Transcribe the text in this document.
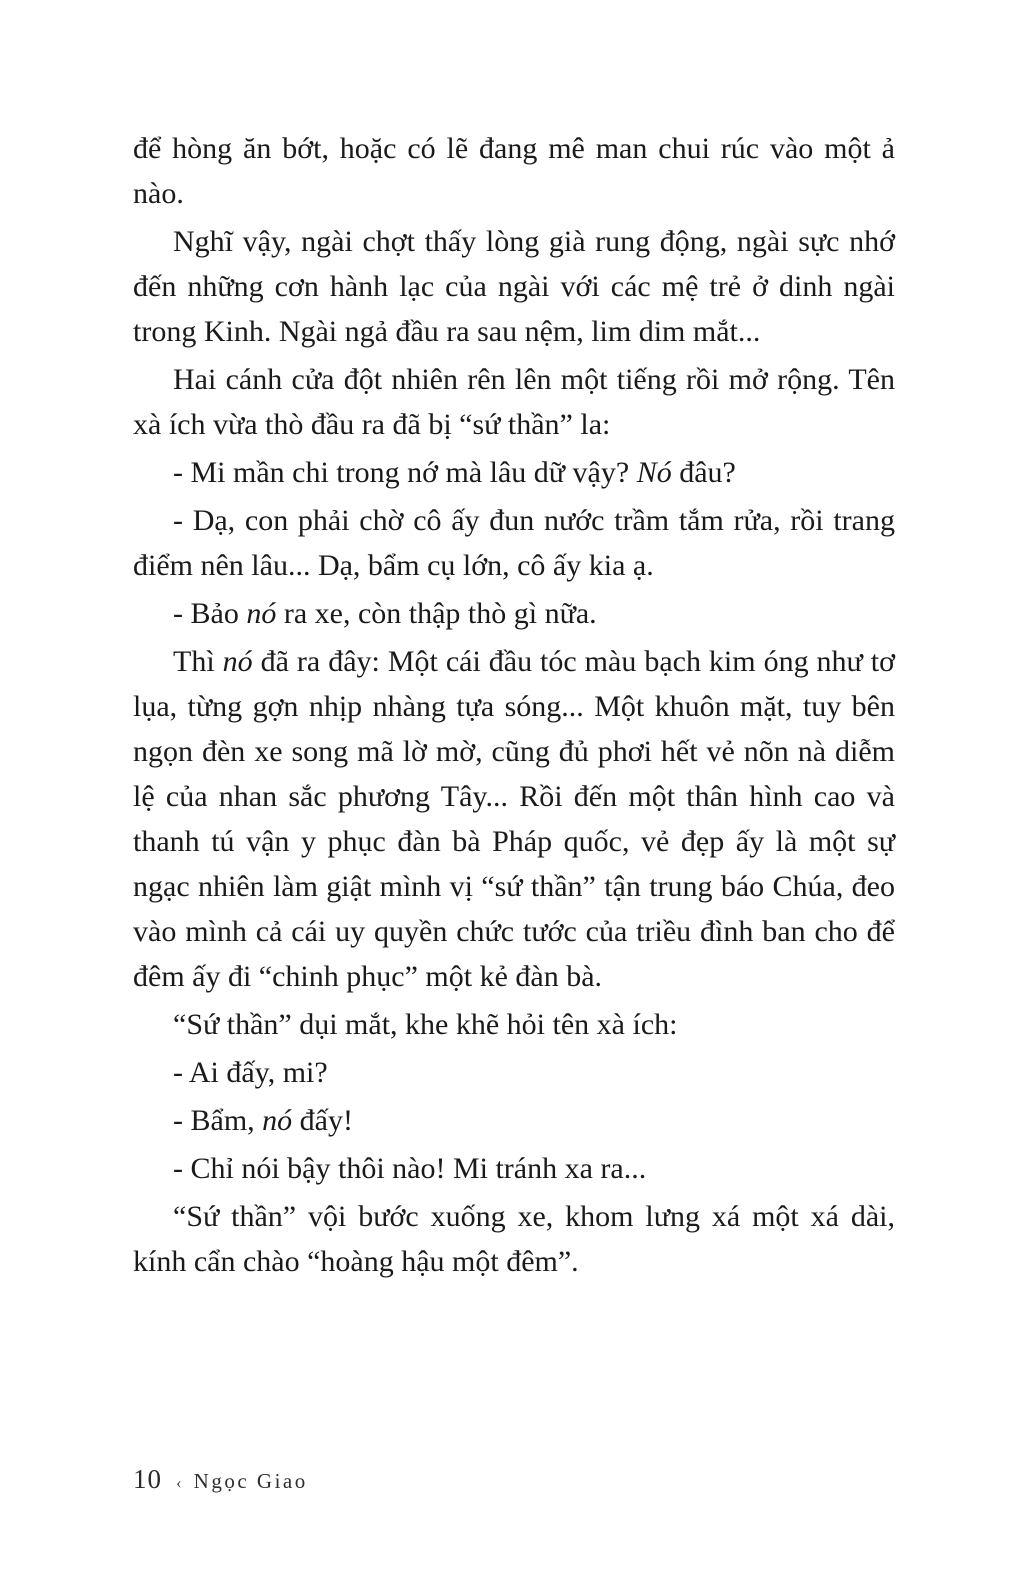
để hòng ăn bớt, hoặc có lẽ đang mê man chui rúc vào một ả nào.

Nghĩ vậy, ngài chợt thấy lòng già rung động, ngài sực nhớ đến những cơn hành lạc của ngài với các mệ trẻ ở dinh ngài trong Kinh. Ngài ngả đầu ra sau nệm, lim dim mắt...

Hai cánh cửa đột nhiên rên lên một tiếng rồi mở rộng. Tên xà ích vừa thò đầu ra đã bị “sứ thần” la:

- Mi mần chi trong nớ mà lâu dữ vậy? Nó đâu?

- Dạ, con phải chờ cô ấy đun nước trầm tắm rửa, rồi trang điểm nên lâu... Dạ, bẩm cụ lớn, cô ấy kia ạ.

- Bảo nó ra xe, còn thập thò gì nữa.

Thì nó đã ra đây: Một cái đầu tóc màu bạch kim óng như tơ lụa, từng gợn nhịp nhàng tựa sóng... Một khuôn mặt, tuy bên ngọn đèn xe song mã lờ mờ, cũng đủ phơi hết vẻ nõn nà diễm lệ của nhan sắc phương Tây... Rồi đến một thân hình cao và thanh tú vận y phục đàn bà Pháp quốc, vẻ đẹp ấy là một sự ngạc nhiên làm giật mình vị “sứ thần” tận trung báo Chúa, đeo vào mình cả cái uy quyền chức tước của triều đình ban cho để đêm ấy đi “chinh phục” một kẻ đàn bà.

“Sứ thần” dụi mắt, khe khẽ hỏi tên xà ích:

- Ai đấy, mi?

- Bẩm, nó đấy!

- Chỉ nói bậy thôi nào! Mi tránh xa ra...

“Sứ thần” vội bước xuống xe, khom lưng xá một xá dài, kính cẩn chào “hoàng hậu một đêm”.

10 ‹ Ngọc Giao
